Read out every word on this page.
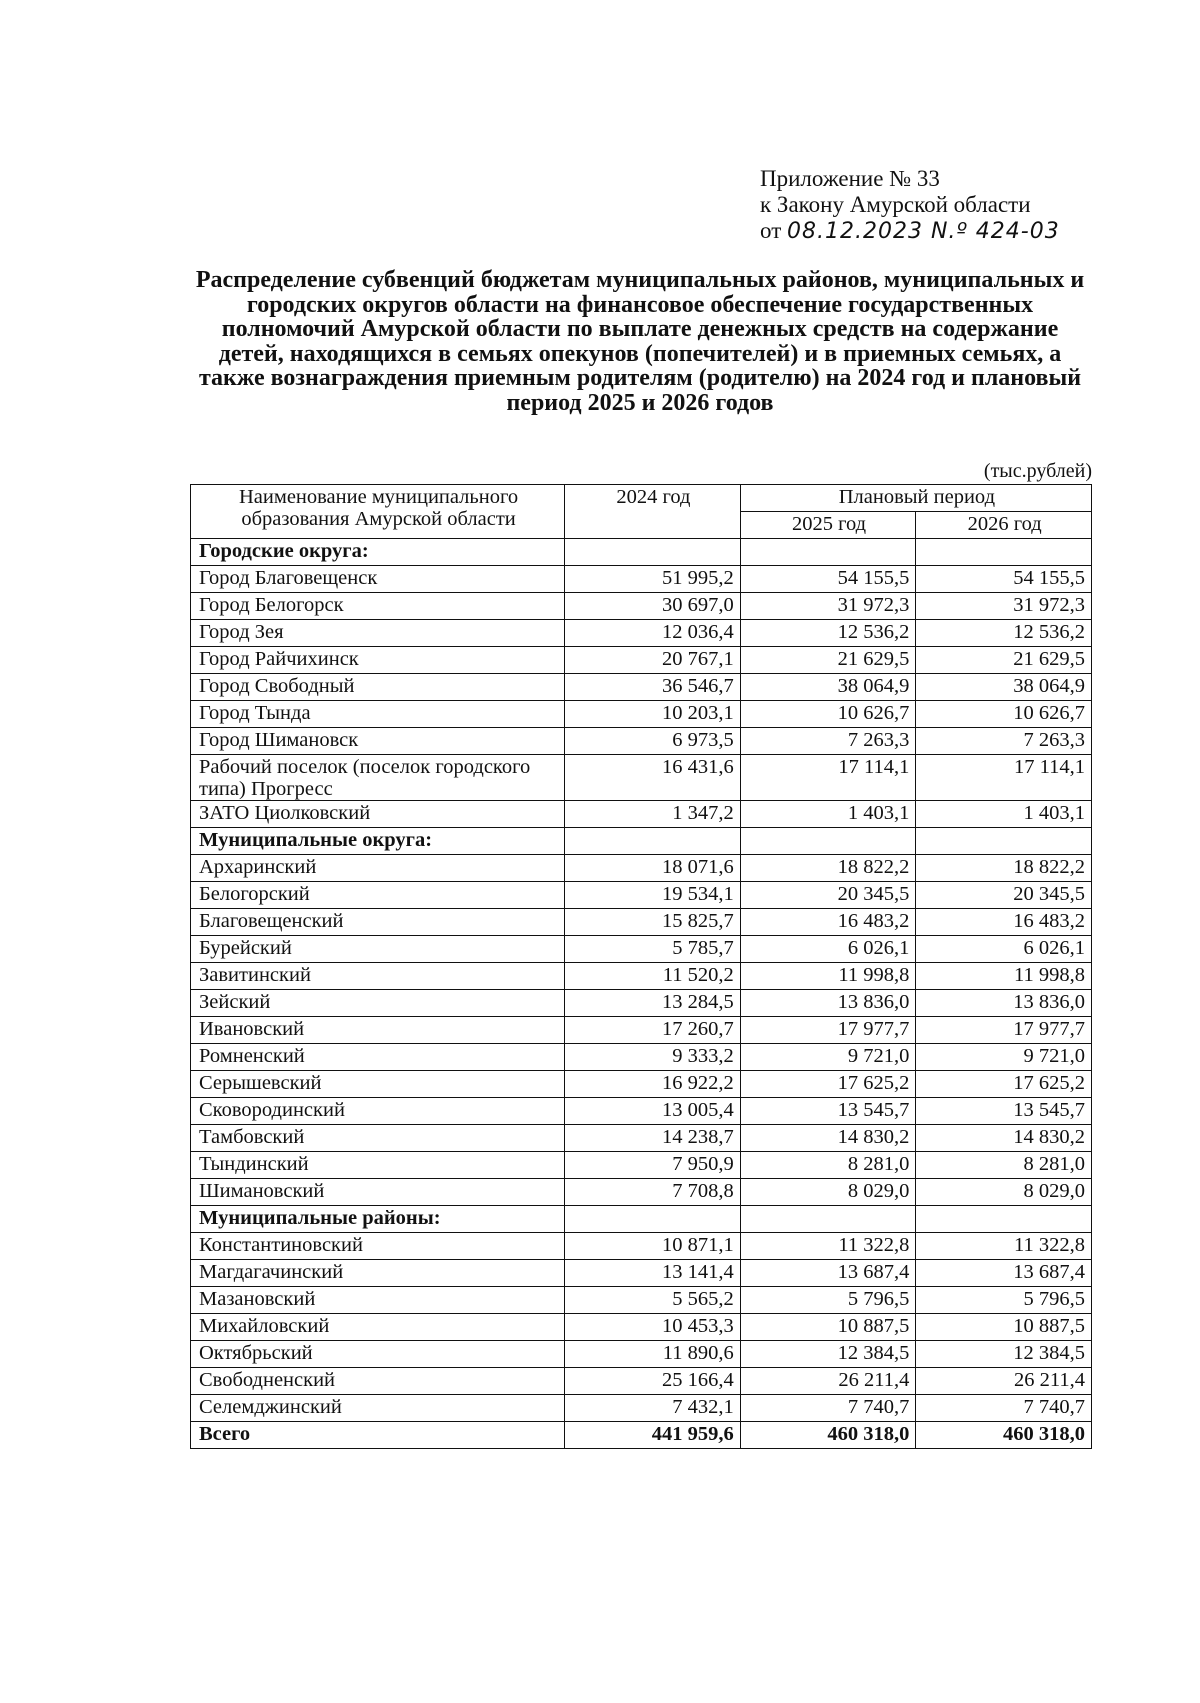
Приложение № 33
к Закону Амурской области
от 08.12.2023 N.º 424-03
Распределение субвенций бюджетам муниципальных районов, муниципальных и городских округов области на финансовое обеспечение государственных полномочий Амурской области по выплате денежных средств на содержание детей, находящихся в семьях опекунов (попечителей) и в приемных семьях, а также вознаграждения приемным родителям (родителю) на 2024 год и плановый период 2025 и 2026 годов
(тыс.рублей)
Наименование муниципального образования Амурской области	2024 год	Плановый период	
		2025 год	2026 год
Городские округа:			
Город Благовещенск	51 995,2	54 155,5	54 155,5
Город Белогорск	30 697,0	31 972,3	31 972,3
Город Зея	12 036,4	12 536,2	12 536,2
Город Райчихинск	20 767,1	21 629,5	21 629,5
Город Свободный	36 546,7	38 064,9	38 064,9
Город Тында	10 203,1	10 626,7	10 626,7
Город Шимановск	6 973,5	7 263,3	7 263,3
Рабочий поселок (поселок городского типа) Прогресс	16 431,6	17 114,1	17 114,1
ЗАТО Циолковский	1 347,2	1 403,1	1 403,1
Муниципальные округа:			
Архаринский	18 071,6	18 822,2	18 822,2
Белогорский	19 534,1	20 345,5	20 345,5
Благовещенский	15 825,7	16 483,2	16 483,2
Бурейский	5 785,7	6 026,1	6 026,1
Завитинский	11 520,2	11 998,8	11 998,8
Зейский	13 284,5	13 836,0	13 836,0
Ивановский	17 260,7	17 977,7	17 977,7
Ромненский	9 333,2	9 721,0	9 721,0
Серышевский	16 922,2	17 625,2	17 625,2
Сковородинский	13 005,4	13 545,7	13 545,7
Тамбовский	14 238,7	14 830,2	14 830,2
Тындинский	7 950,9	8 281,0	8 281,0
Шимановский	7 708,8	8 029,0	8 029,0
Муниципальные районы:			
Константиновский	10 871,1	11 322,8	11 322,8
Магдагачинский	13 141,4	13 687,4	13 687,4
Мазановский	5 565,2	5 796,5	5 796,5
Михайловский	10 453,3	10 887,5	10 887,5
Октябрьский	11 890,6	12 384,5	12 384,5
Свободненский	25 166,4	26 211,4	26 211,4
Селемджинский	7 432,1	7 740,7	7 740,7
Всего	441 959,6	460 318,0	460 318,0
